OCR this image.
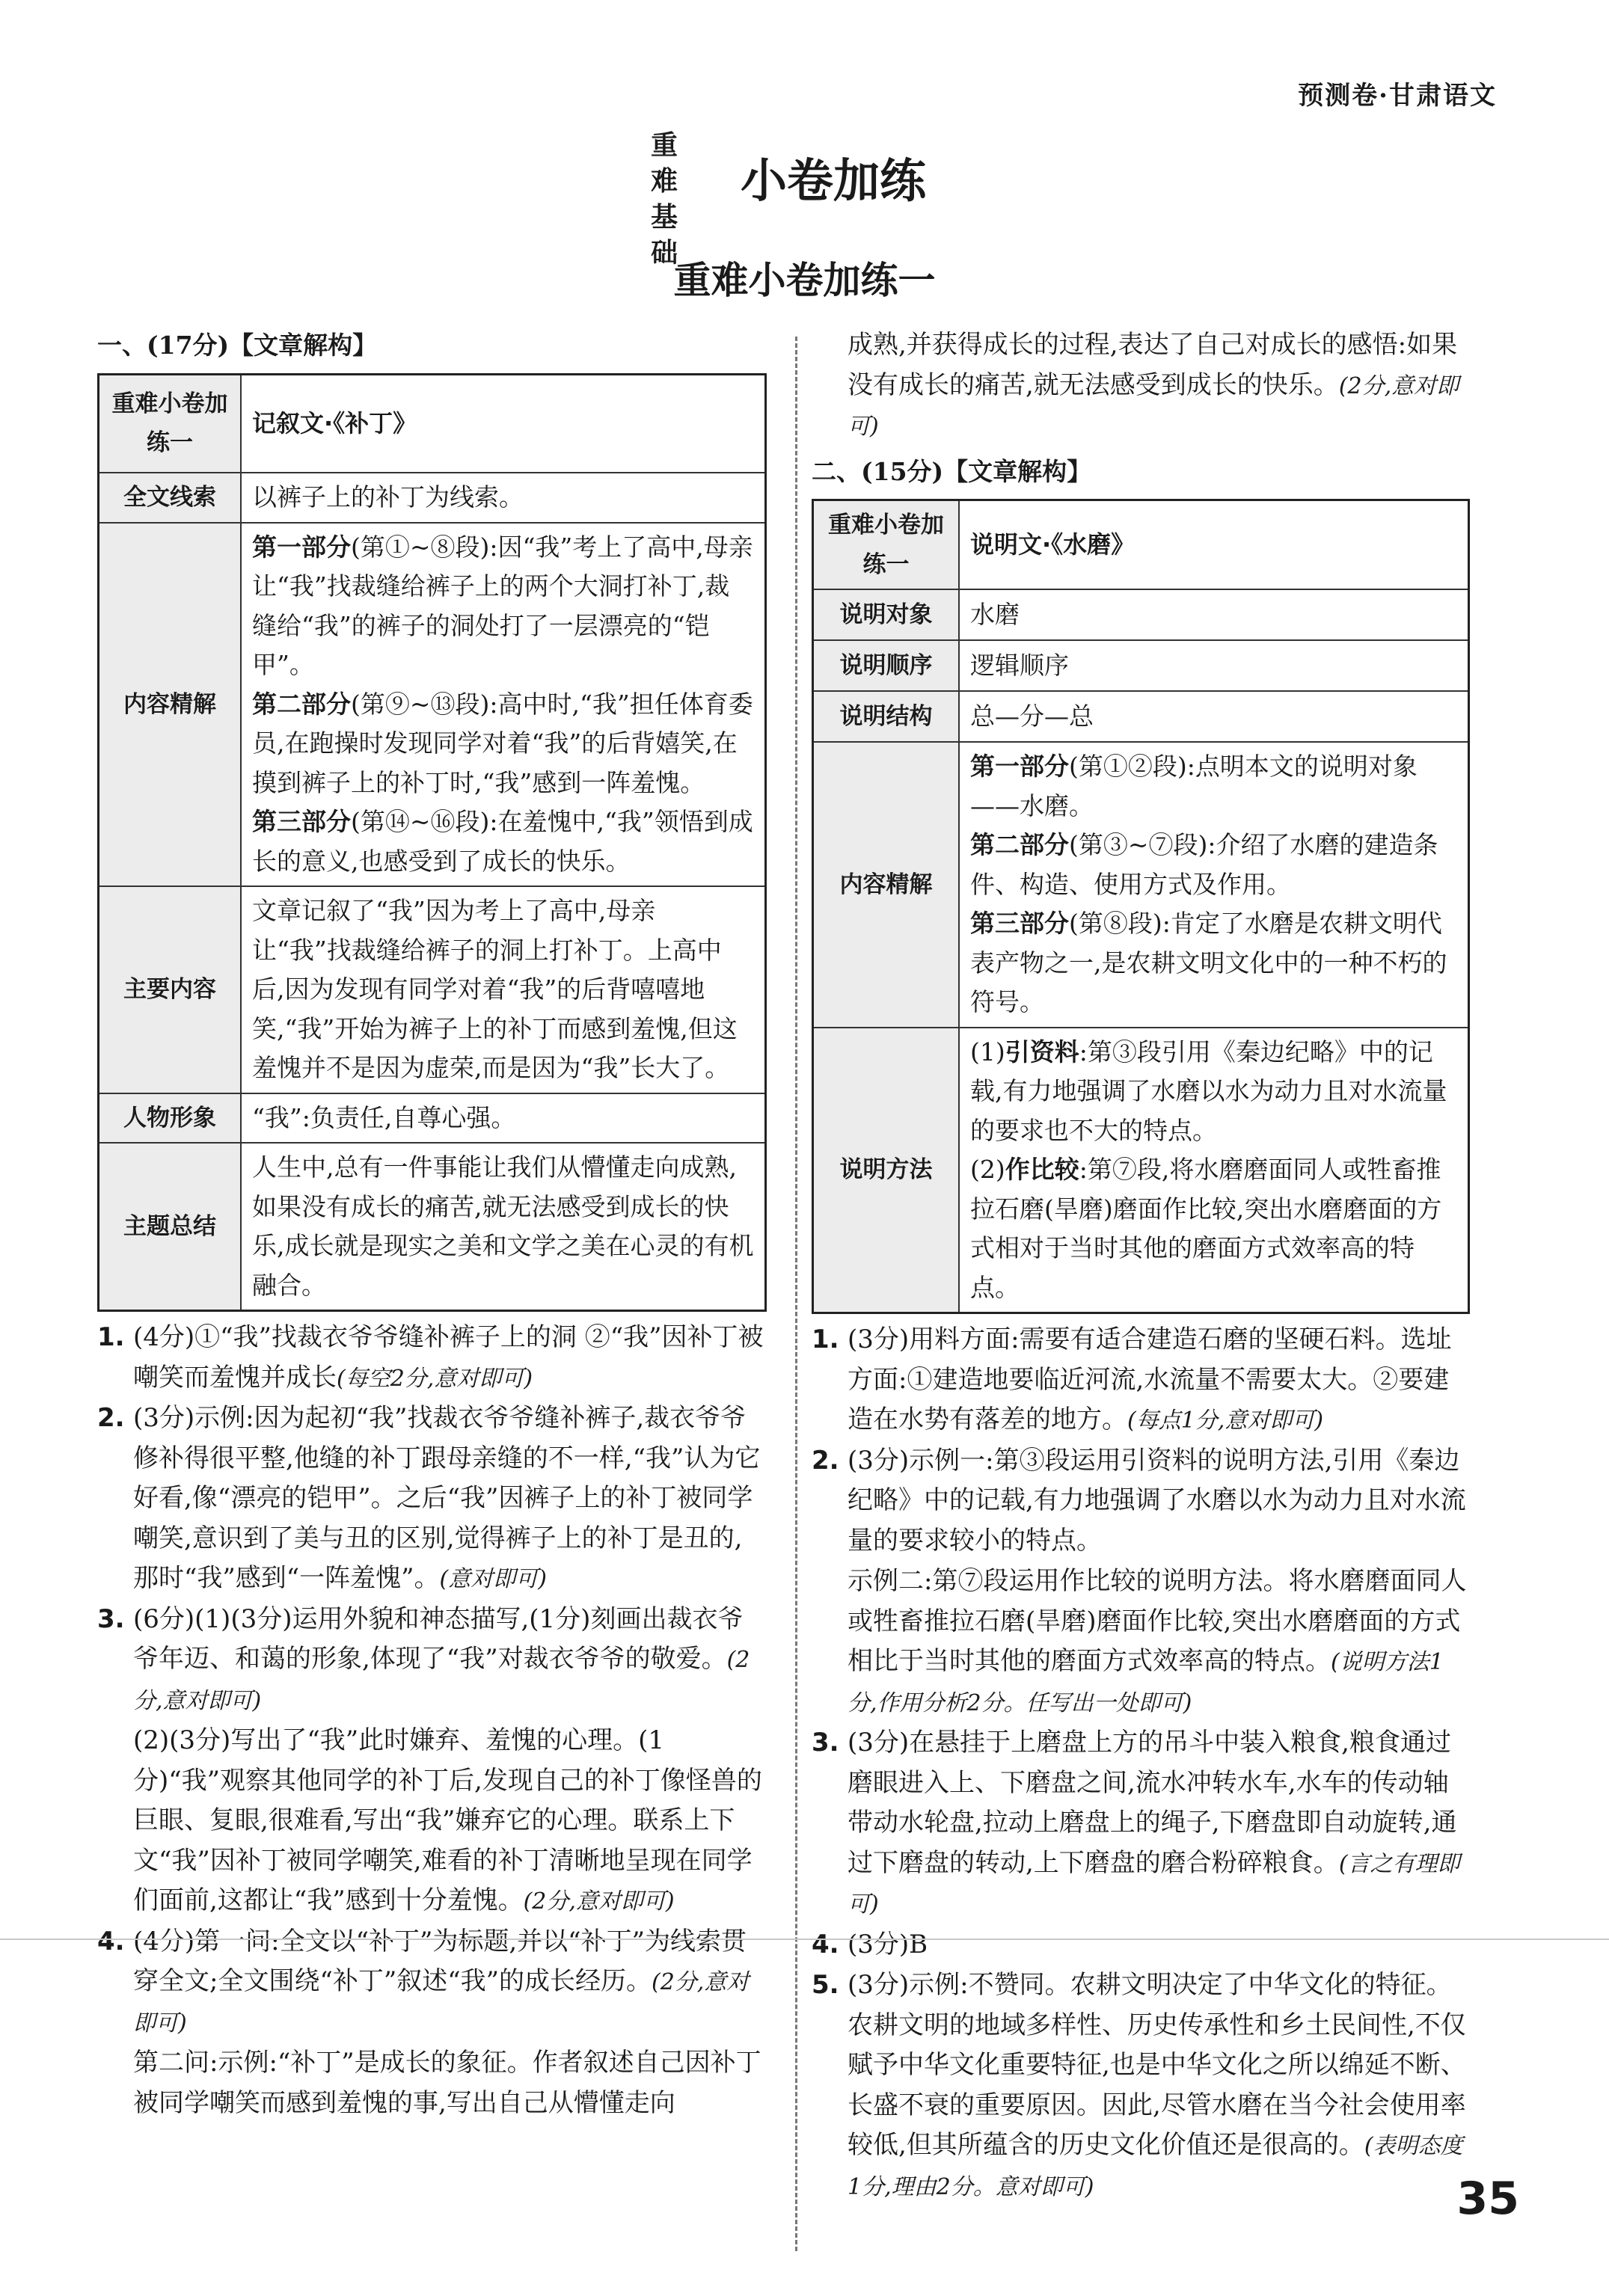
预测卷·甘肃语文
重难
基础
小卷加练
重难小卷加练一
一、(17分)【文章解构】
重难小卷加练一	记叙文·《补丁》
全文线索	以裤子上的补丁为线索。
内容精解	第一部分(第①~⑧段):因“我”考上了高中,母亲让“我”找裁缝给裤子上的两个大洞打补丁,裁缝给“我”的裤子的洞处打了一层漂亮的“铠甲”。
第二部分(第⑨~⑬段):高中时,“我”担任体育委员,在跑操时发现同学对着“我”的后背嬉笑,在摸到裤子上的补丁时,“我”感到一阵羞愧。
第三部分(第⑭~⑯段):在羞愧中,“我”领悟到成长的意义,也感受到了成长的快乐。

主要内容	文章记叙了“我”因为考上了高中,母亲让“我”找裁缝给裤子的洞上打补丁。上高中后,因为发现有同学对着“我”的后背嘻嘻地笑,“我”开始为裤子上的补丁而感到羞愧,但这羞愧并不是因为虚荣,而是因为“我”长大了。
人物形象	“我”:负责任,自尊心强。
主题总结	人生中,总有一件事能让我们从懵懂走向成熟,如果没有成长的痛苦,就无法感受到成长的快乐,成长就是现实之美和文学之美在心灵的有机融合。
1. (4分)①“我”找裁衣爷爷缝补裤子上的洞 ②“我”因补丁被嘲笑而羞愧并成长(每空2分,意对即可)
2. (3分)示例:因为起初“我”找裁衣爷爷缝补裤子,裁衣爷爷修补得很平整,他缝的补丁跟母亲缝的不一样,“我”认为它好看,像“漂亮的铠甲”。之后“我”因裤子上的补丁被同学嘲笑,意识到了美与丑的区别,觉得裤子上的补丁是丑的,那时“我”感到“一阵羞愧”。(意对即可)
3. (6分)(1)(3分)运用外貌和神态描写,(1分)刻画出裁衣爷爷年迈、和蔼的形象,体现了“我”对裁衣爷爷的敬爱。(2分,意对即可)
(2)(3分)写出了“我”此时嫌弃、羞愧的心理。(1分)“我”观察其他同学的补丁后,发现自己的补丁像怪兽的巨眼、复眼,很难看,写出“我”嫌弃它的心理。联系上下文“我”因补丁被同学嘲笑,难看的补丁清晰地呈现在同学们面前,这都让“我”感到十分羞愧。(2分,意对即可)
4. (4分)第一问:全文以“补丁”为标题,并以“补丁”为线索贯穿全文;全文围绕“补丁”叙述“我”的成长经历。(2分,意对即可)
第二问:示例:“补丁”是成长的象征。作者叙述自己因补丁被同学嘲笑而感到羞愧的事,写出自己从懵懂走向
成熟,并获得成长的过程,表达了自己对成长的感悟:如果没有成长的痛苦,就无法感受到成长的快乐。(2分,意对即可)
二、(15分)【文章解构】
重难小卷加练一	说明文·《水磨》
说明对象	水磨
说明顺序	逻辑顺序
说明结构	总—分—总
内容精解	第一部分(第①②段):点明本文的说明对象——水磨。
第二部分(第③~⑦段):介绍了水磨的建造条件、构造、使用方式及作用。
第三部分(第⑧段):肯定了水磨是农耕文明代表产物之一,是农耕文明文化中的一种不朽的符号。

说明方法	(1)引资料:第③段引用《秦边纪略》中的记载,有力地强调了水磨以水为动力且对水流量的要求也不大的特点。
(2)作比较:第⑦段,将水磨磨面同人或牲畜推拉石磨(旱磨)磨面作比较,突出水磨磨面的方式相对于当时其他的磨面方式效率高的特点。
1. (3分)用料方面:需要有适合建造石磨的坚硬石料。选址方面:①建造地要临近河流,水流量不需要太大。②要建造在水势有落差的地方。(每点1分,意对即可)
2. (3分)示例一:第③段运用引资料的说明方法,引用《秦边纪略》中的记载,有力地强调了水磨以水为动力且对水流量的要求较小的特点。
示例二:第⑦段运用作比较的说明方法。将水磨磨面同人或牲畜推拉石磨(旱磨)磨面作比较,突出水磨磨面的方式相比于当时其他的磨面方式效率高的特点。(说明方法1分,作用分析2分。任写出一处即可)
3. (3分)在悬挂于上磨盘上方的吊斗中装入粮食,粮食通过磨眼进入上、下磨盘之间,流水冲转水车,水车的传动轴带动水轮盘,拉动上磨盘上的绳子,下磨盘即自动旋转,通过下磨盘的转动,上下磨盘的磨合粉碎粮食。(言之有理即可)
4. (3分)B
5. (3分)示例:不赞同。农耕文明决定了中华文化的特征。农耕文明的地域多样性、历史传承性和乡土民间性,不仅赋予中华文化重要特征,也是中华文化之所以绵延不断、长盛不衰的重要原因。因此,尽管水磨在当今社会使用率较低,但其所蕴含的历史文化价值还是很高的。(表明态度1分,理由2分。意对即可)	35
